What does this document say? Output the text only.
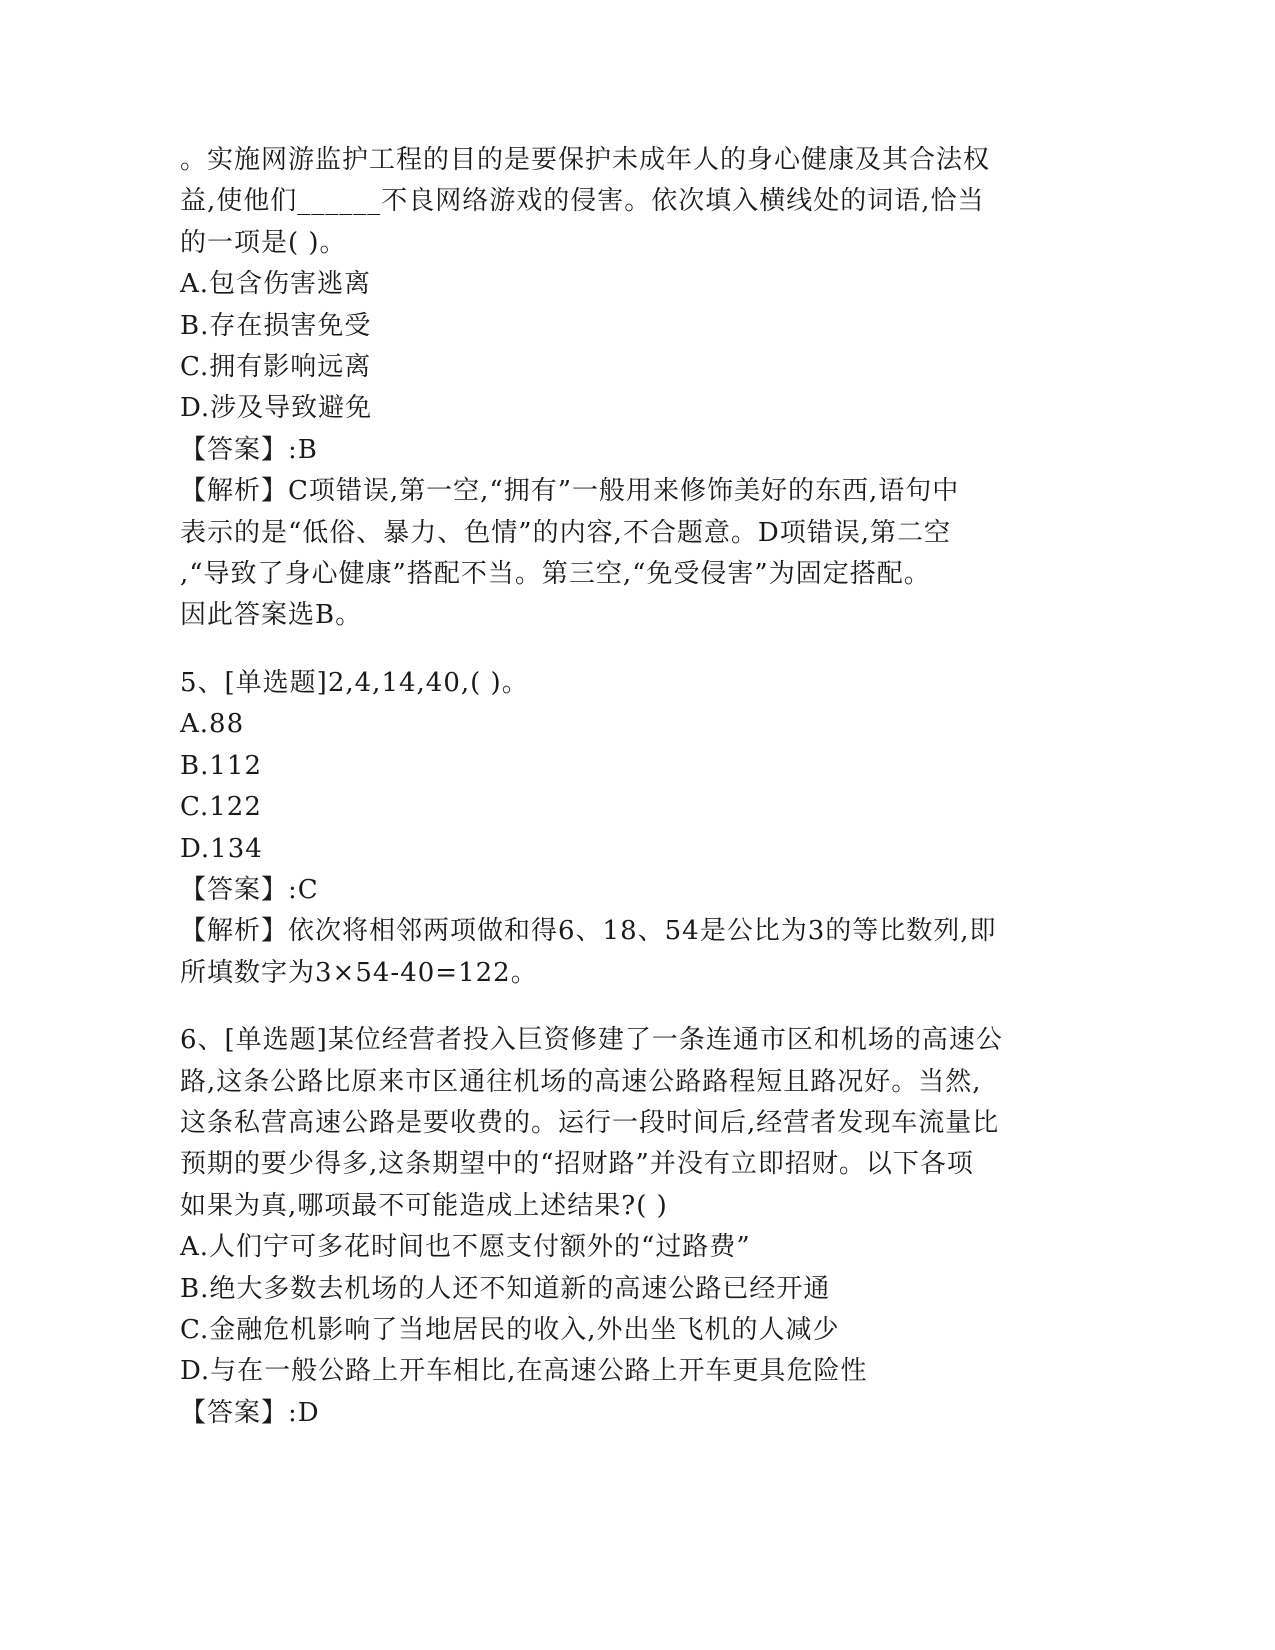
。实施网游监护工程的目的是要保护未成年人的身心健康及其合法权
益,使他们______不良网络游戏的侵害。依次填入横线处的词语,恰当
的一项是( )。
A.包含伤害逃离
B.存在损害免受
C.拥有影响远离
D.涉及导致避免
【答案】:B
【解析】C项错误,第一空,“拥有”一般用来修饰美好的东西,语句中
表示的是“低俗、暴力、色情”的内容,不合题意。D项错误,第二空
,“导致了身心健康”搭配不当。第三空,“免受侵害”为固定搭配。
因此答案选B。
5、[单选题]2,4,14,40,( )。
A.88
B.112
C.122
D.134
【答案】:C
【解析】依次将相邻两项做和得6、18、54是公比为3的等比数列,即
所填数字为3×54-40=122。
6、[单选题]某位经营者投入巨资修建了一条连通市区和机场的高速公
路,这条公路比原来市区通往机场的高速公路路程短且路况好。当然,
这条私营高速公路是要收费的。运行一段时间后,经营者发现车流量比
预期的要少得多,这条期望中的“招财路”并没有立即招财。以下各项
如果为真,哪项最不可能造成上述结果?( )
A.人们宁可多花时间也不愿支付额外的“过路费”
B.绝大多数去机场的人还不知道新的高速公路已经开通
C.金融危机影响了当地居民的收入,外出坐飞机的人减少
D.与在一般公路上开车相比,在高速公路上开车更具危险性
【答案】:D
